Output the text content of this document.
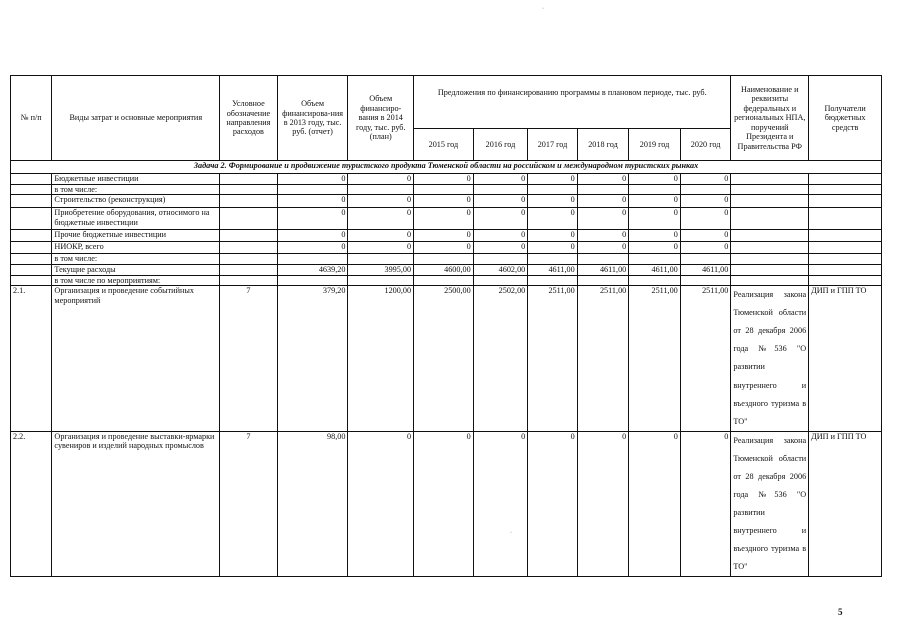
№ п/п	Виды затрат и основные мероприятия	Условное обозначение направления расходов	Объем финансирова-ния в 2013 году, тыс. руб. (отчет)	Объем финансиро-вания в 2014 году, тыс. руб. (план)	Предложения по финансированию программы в плановом периоде, тыс. руб.						Наименование и реквизиты федеральных и региональных НПА, поручений Президента и Правительства РФ	Получатели бюджетных средств
					2015 год	2016 год	2017 год	2018 год	2019 год	2020 год		
Задача 2. Формирование и продвижение туристского продукта Тюменской области на российском и международном туристских рынках												
	Бюджетные инвестиции		0	0	0	0	0	0	0	0		
	в том числе:											
	Строительство (реконструкция)		0	0	0	0	0	0	0	0		
	Приобретение оборудования, относимого на бюджетные инвестиции		0	0	0	0	0	0	0	0		
	Прочие бюджетные инвестиции		0	0	0	0	0	0	0	0		
	НИОКР, всего		0	0	0	0	0	0	0	0		
	в том числе:											
	Текущие расходы		4639,20	3995,00	4600,00	4602,00	4611,00	4611,00	4611,00	4611,00		
	в том числе по мероприятиям:											
2.1.	Организация и проведение событийных мероприятий	7	379,20	1200,00	2500,00	2502,00	2511,00	2511,00	2511,00	2511,00	Реализация закона Тюменской области от 28 декабря 2006 года №536 "О развитии внутреннего и въездного туризма в ТО"	ДИП и ГПП ТО
2.2.	Организация и проведение выставки-ярмарки сувениров и изделий народных промыслов	7	98,00	0	0	0	0	0	0	0	Реализация закона Тюменской области от 28 декабря 2006 года №536 "О развитии внутреннего и въездного туризма в ТО"	ДИП и ГПП ТО
5
·
·
